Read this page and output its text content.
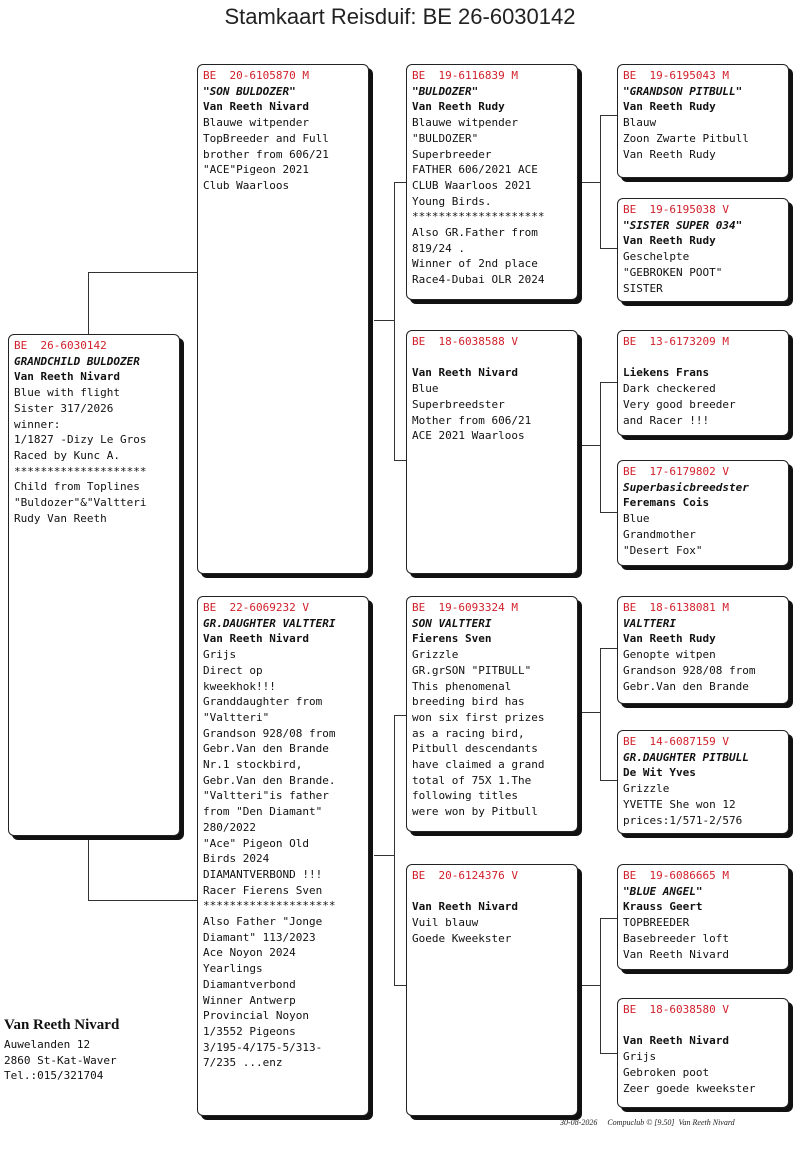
Stamkaart Reisduif: BE 26-6030142
BE  26-6030142
GRANDCHILD BULDOZER
Van Reeth Nivard
Blue with flight
Sister 317/2026
winner:
1/1827 -Dizy Le Gros
Raced by Kunc A.
********************
Child from Toplines
"Buldozer"&"Valtteri
Rudy Van Reeth
BE  20-6105870 M
"SON BULDOZER"
Van Reeth Nivard
Blauwe witpender
TopBreeder and Full
brother from 606/21
"ACE"Pigeon 2021
Club Waarloos
BE  22-6069232 V
GR.DAUGHTER VALTTERI
Van Reeth Nivard
Grijs
Direct op
kweekhok!!!
Granddaughter from
"Valtteri"
Grandson 928/08 from
Gebr.Van den Brande
Nr.1 stockbird,
Gebr.Van den Brande.
"Valtteri"is father
from "Den Diamant"
280/2022
"Ace" Pigeon Old
Birds 2024
DIAMANTVERBOND !!!
Racer Fierens Sven
********************
Also Father "Jonge
Diamant" 113/2023
Ace Noyon 2024
Yearlings
Diamantverbond
Winner Antwerp
Provincial Noyon
1/3552 Pigeons
3/195-4/175-5/313-
7/235 ...enz
BE  19-6116839 M
"BULDOZER"
Van Reeth Rudy
Blauwe witpender
"BULDOZER"
Superbreeder
FATHER 606/2021 ACE
CLUB Waarloos 2021
Young Birds.
********************
Also GR.Father from
819/24 .
Winner of 2nd place
Race4-Dubai OLR 2024
BE  18-6038588 V
Van Reeth Nivard
Blue
Superbreedster
Mother from 606/21
ACE 2021 Waarloos
BE  19-6093324 M
SON VALTTERI
Fierens Sven
Grizzle
GR.grSON "PITBULL"
This phenomenal
breeding bird has
won six first prizes
as a racing bird,
Pitbull descendants
have claimed a grand
total of 75X 1.The
following titles
were won by Pitbull
BE  20-6124376 V
Van Reeth Nivard
Vuil blauw
Goede Kweekster
BE  19-6195043 M
"GRANDSON PITBULL"
Van Reeth Rudy
Blauw
Zoon Zwarte Pitbull
Van Reeth Rudy
BE  19-6195038 V
"SISTER SUPER 034"
Van Reeth Rudy
Geschelpte
"GEBROKEN POOT"
SISTER
BE  13-6173209 M
Liekens Frans
Dark checkered
Very good breeder
and Racer !!!
BE  17-6179802 V
Superbasicbreedster
Feremans Cois
Blue
Grandmother
"Desert Fox"
BE  18-6138081 M
VALTTERI
Van Reeth Rudy
Genopte witpen
Grandson 928/08 from
Gebr.Van den Brande
BE  14-6087159 V
GR.DAUGHTER PITBULL
De Wit Yves
Grizzle
YVETTE She won 12
prices:1/571-2/576
BE  19-6086665 M
"BLUE ANGEL"
Krauss Geert
TOPBREEDER
Basebreeder loft
Van Reeth Nivard
BE  18-6038580 V
Van Reeth Nivard
Grijs
Gebroken poot
Zeer goede kweekster
Van Reeth Nivard
Auwelanden 12
2860 St-Kat-Waver
Tel.:015/321704
30-08-2026     Compuclub © [9.50]  Van Reeth Nivard
